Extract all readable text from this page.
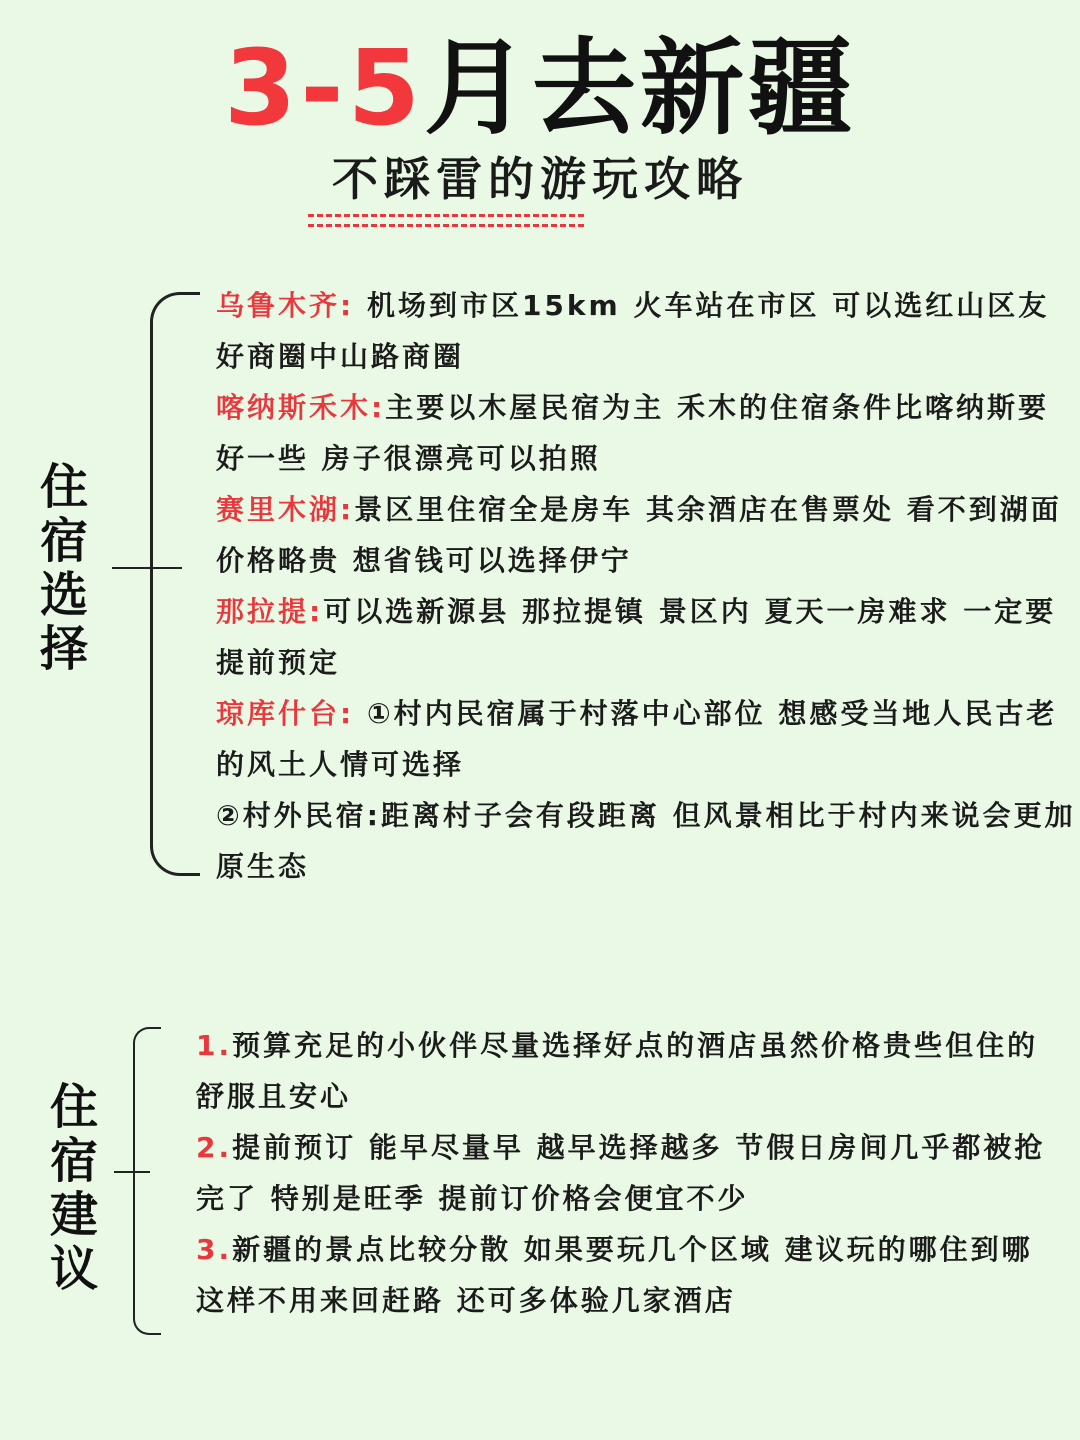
3-5月去新疆
不踩雷的游玩攻略
住
宿
选
择

乌鲁木齐: 机场到市区15km 火车站在市区 可以选红山区友好商圈中山路商圈

喀纳斯禾木:主要以木屋民宿为主 禾木的住宿条件比喀纳斯要好一些 房子很漂亮可以拍照

赛里木湖:景区里住宿全是房车 其余酒店在售票处 看不到湖面 价格略贵 想省钱可以选择伊宁

那拉提:可以选新源县 那拉提镇 景区内 夏天一房难求 一定要提前预定

琼库什台: ①村内民宿属于村落中心部位 想感受当地人民古老的风土人情可选择

②村外民宿:距离村子会有段距离 但风景相比于村内来说会更加原生态

住
宿
建
议

1.预算充足的小伙伴尽量选择好点的酒店虽然价格贵些但住的舒服且安心

2.提前预订 能早尽量早 越早选择越多 节假日房间几乎都被抢完了 特别是旺季 提前订价格会便宜不少

3.新疆的景点比较分散 如果要玩几个区域 建议玩的哪住到哪 这样不用来回赶路 还可多体验几家酒店
